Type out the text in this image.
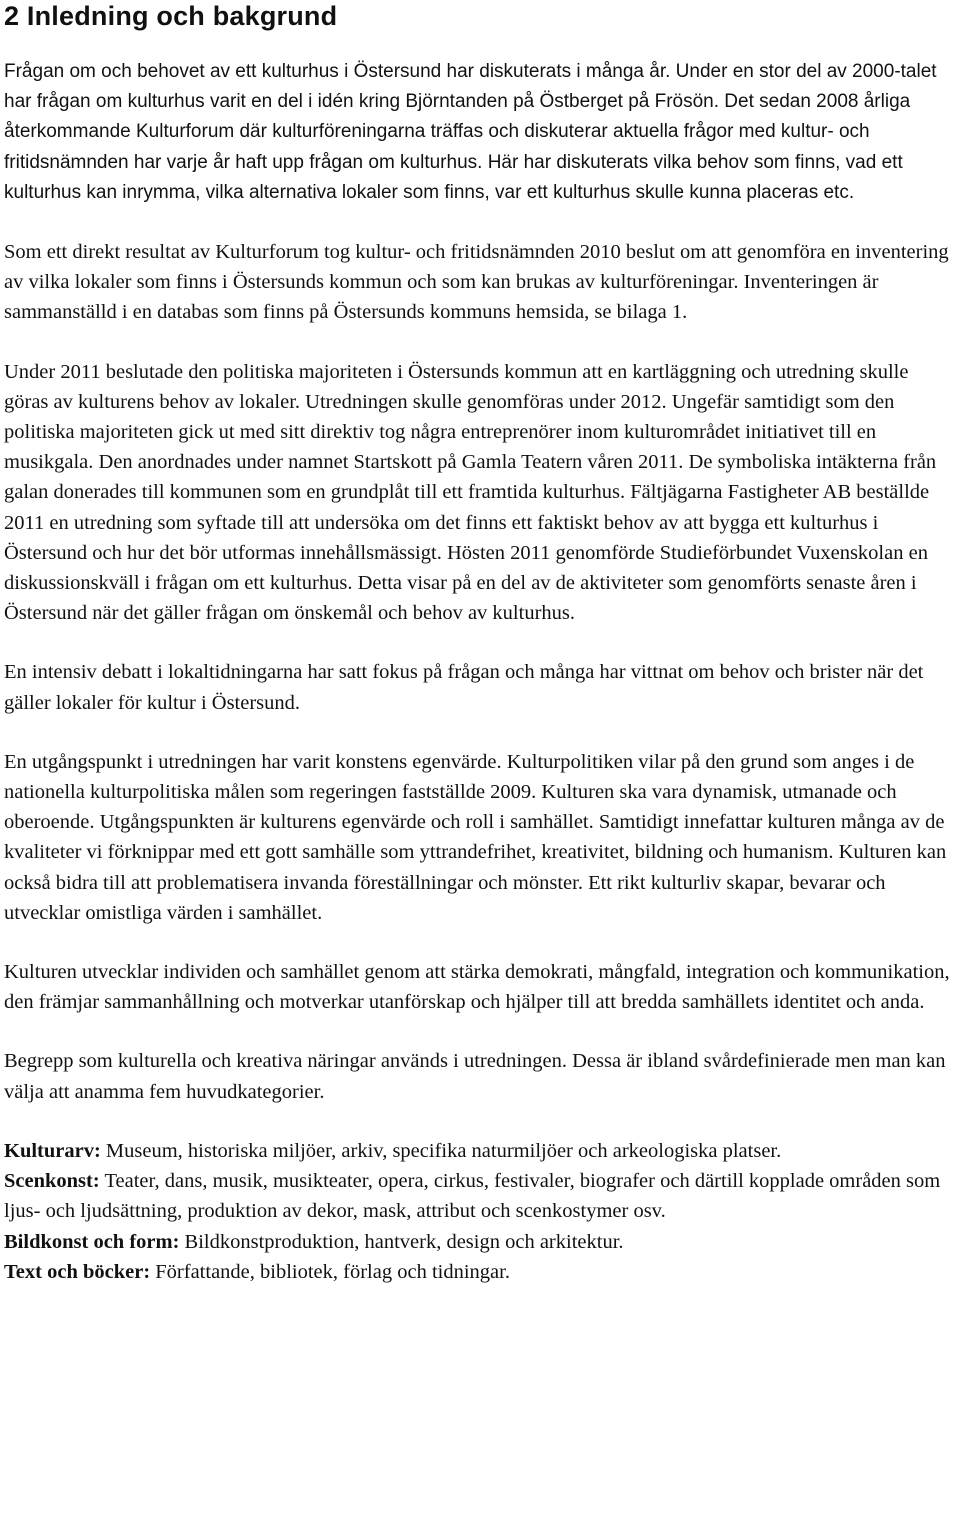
2 Inledning och bakgrund

Frågan om och behovet av ett kulturhus i Östersund har diskuterats i många år. Under en stor del av 2000-talet har frågan om kulturhus varit en del i idén kring Björntanden på Östberget på Frösön. Det sedan 2008 årliga återkommande Kulturforum där kulturföreningarna träffas och diskuterar aktuella frågor med kultur- och fritidsnämnden har varje år haft upp frågan om kulturhus. Här har diskuterats vilka behov som finns, vad ett kulturhus kan inrymma, vilka alternativa lokaler som finns, var ett kulturhus skulle kunna placeras etc.

Som ett direkt resultat av Kulturforum tog kultur- och fritidsnämnden 2010 beslut om att genomföra en inventering av vilka lokaler som finns i Östersunds kommun och som kan brukas av kulturföreningar. Inventeringen är sammanställd i en databas som finns på Östersunds kommuns hemsida, se bilaga 1.

Under 2011 beslutade den politiska majoriteten i Östersunds kommun att en kartläggning och utredning skulle göras av kulturens behov av lokaler. Utredningen skulle genomföras under 2012. Ungefär samtidigt som den politiska majoriteten gick ut med sitt direktiv tog några entreprenörer inom kulturområdet initiativet till en musikgala. Den anordnades under namnet Startskott på Gamla Teatern våren 2011. De symboliska intäkterna från galan donerades till kommunen som en grundplåt till ett framtida kulturhus. Fältjägarna Fastigheter AB beställde 2011 en utredning som syftade till att undersöka om det finns ett faktiskt behov av att bygga ett kulturhus i Östersund och hur det bör utformas innehållsmässigt. Hösten 2011 genomförde Studieförbundet Vuxenskolan en diskussionskväll i frågan om ett kulturhus. Detta visar på en del av de aktiviteter som genomförts senaste åren i Östersund när det gäller frågan om önskemål och behov av kulturhus.

En intensiv debatt i lokaltidningarna har satt fokus på frågan och många har vittnat om behov och brister när det gäller lokaler för kultur i Östersund.

En utgångspunkt i utredningen har varit konstens egenvärde. Kulturpolitiken vilar på den grund som anges i de nationella kulturpolitiska målen som regeringen fastställde 2009. Kulturen ska vara dynamisk, utmanade och oberoende. Utgångspunkten är kulturens egenvärde och roll i samhället. Samtidigt innefattar kulturen många av de kvaliteter vi förknippar med ett gott samhälle som yttrandefrihet, kreativitet, bildning och humanism. Kulturen kan också bidra till att problematisera invanda föreställningar och mönster. Ett rikt kulturliv skapar, bevarar och utvecklar omistliga värden i samhället.

Kulturen utvecklar individen och samhället genom att stärka demokrati, mångfald, integration och kommunikation, den främjar sammanhållning och motverkar utanförskap och hjälper till att bredda samhällets identitet och anda.

Begrepp som kulturella och kreativa näringar används i utredningen. Dessa är ibland svårdefinierade men man kan välja att anamma fem huvudkategorier.

Kulturarv: Museum, historiska miljöer, arkiv, specifika naturmiljöer och arkeologiska platser.

Scenkonst: Teater, dans, musik, musikteater, opera, cirkus, festivaler, biografer och därtill kopplade områden som ljus- och ljudsättning, produktion av dekor, mask, attribut och scenkostymer osv.

Bildkonst och form: Bildkonstproduktion, hantverk, design och arkitektur.

Text och böcker: Författande, bibliotek, förlag och tidningar.
